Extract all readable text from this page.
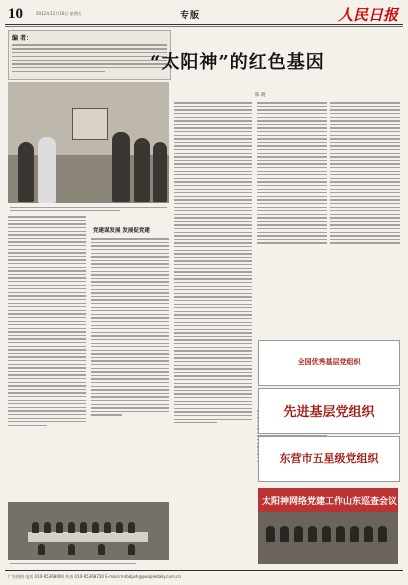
10	2012年11月16日 星期五	专版	人民日报
编 者：
“太阳神”的红色基因
陈 晓
党建谋发展 发展促党建
全国优秀基层党组织
先进基层党组织
东营市五星级党组织
太阳神网络党建工作山东巡查会议
广告热线 电话 010-65368000 传真 010-65368720 E-mail:rmrbdpsh@peopledaily.com.cn
